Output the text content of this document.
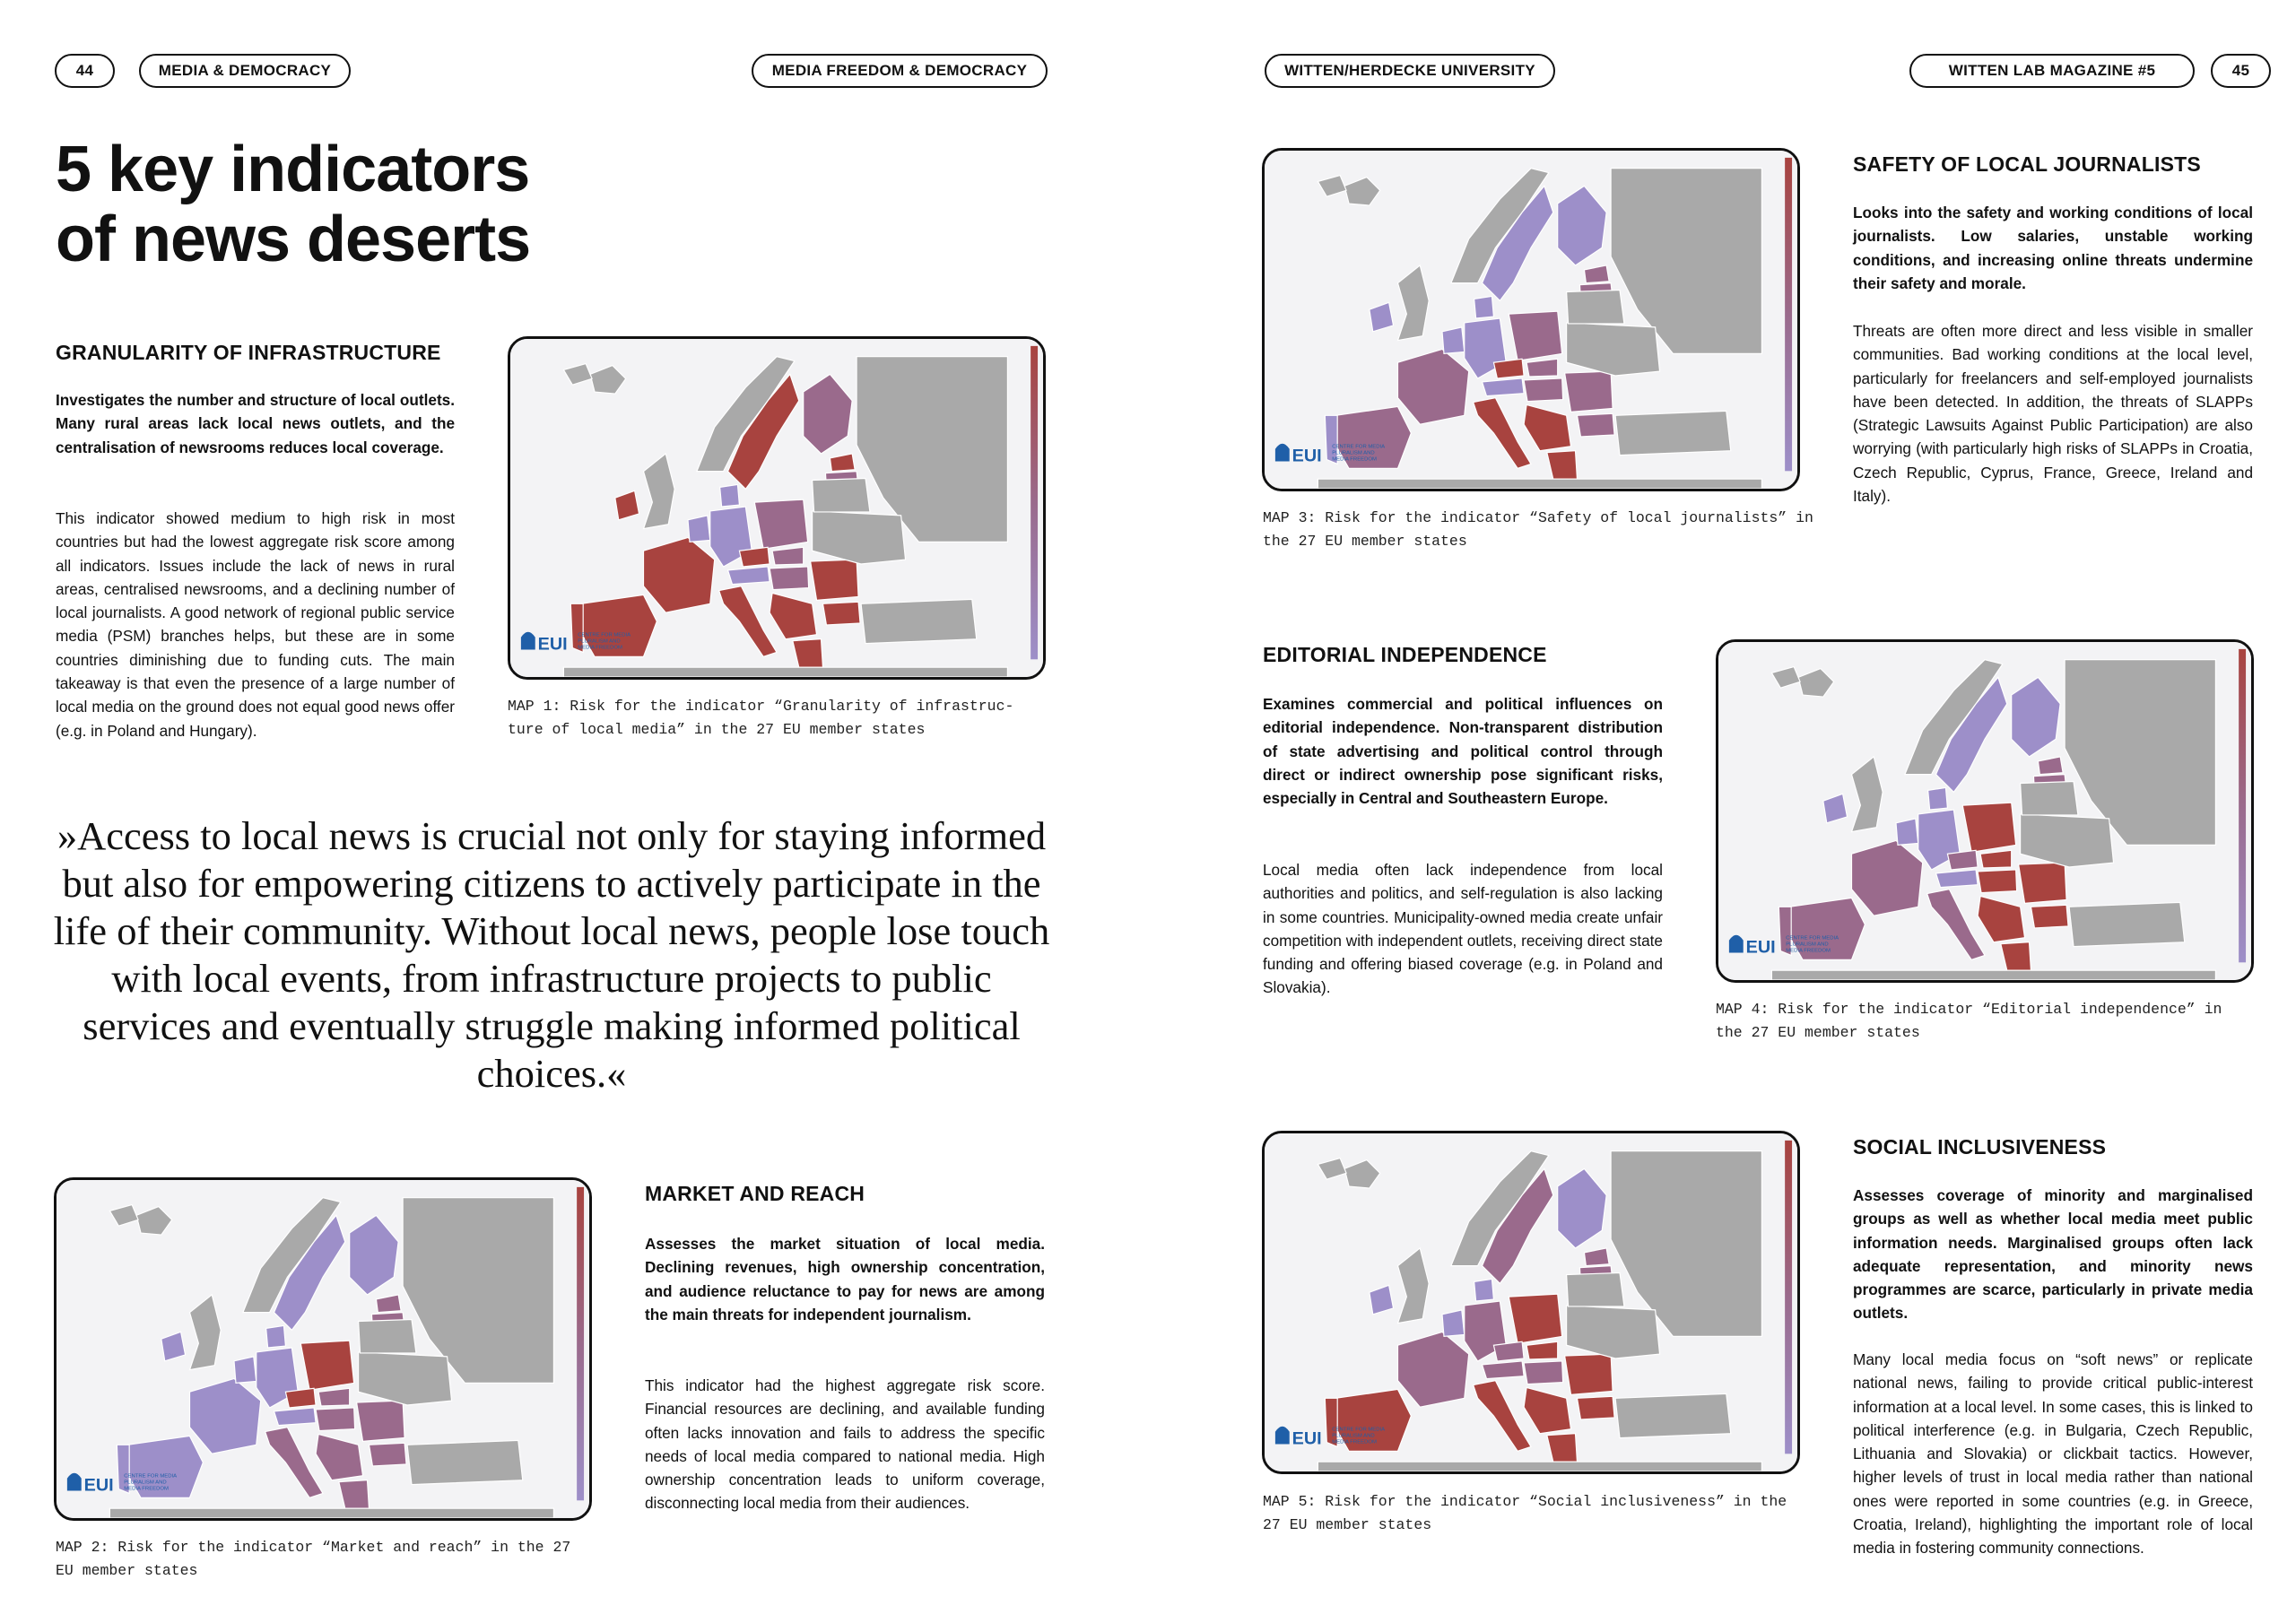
44	MEDIA & DEMOCRACY	MEDIA FREEDOM & DEMOCRACY	WITTEN/HERDECKE UNIVERSITY	WITTEN LAB MAGAZINE #5	45
5 key indicators
of news deserts
GRANULARITY OF INFRASTRUCTURE
Investigates the number and structure of local outlets. Many rural areas lack local news outlets, and the centralisation of newsrooms reduces local coverage.
This indicator showed medium to high risk in most countries but had the lowest aggregate risk score among all indicators. Issues include the lack of news in rural areas, centralised newsrooms, and a declining number of local journalists. A good network of regional public service media (PSM) branches helps, but these are in some countries diminishing due to funding cuts. The main takeaway is that even the presence of a large number of local media on the ground does not equal good news offer (e.g. in Poland and Hungary).
EUI CENTRE FOR MEDIA
PLURALISM AND
MEDIA FREEDOM
MAP 1: Risk for the indicator “Granularity of infrastruc- ture of local media” in the 27 EU member states
»Access to local news is crucial not only for staying informed but also for empowering citizens to actively participate in the life of their community. Without local news, people lose touch with local events, from infrastructure projects to public services and eventually struggle making informed political choices.«
EUI CENTRE FOR MEDIA
PLURALISM AND
MEDIA FREEDOM
MAP 2: Risk for the indicator “Market and reach” in the 27 EU member states
MARKET AND REACH
Assesses the market situation of local media. Declining revenues, high ownership concentration, and audience reluctance to pay for news are among the main threats for independent journalism.
This indicator had the highest aggregate risk score. Financial resources are declining, and available funding often lacks innovation and fails to address the specific needs of local media compared to national media. High ownership concentration leads to uniform coverage, disconnecting local media from their audiences.
EUI CENTRE FOR MEDIA
PLURALISM AND
MEDIA FREEDOM
MAP 3: Risk for the indicator “Safety of local journalists” in the 27 EU member states
SAFETY OF LOCAL JOURNALISTS
Looks into the safety and working conditions of local journalists. Low salaries, unstable working conditions, and increasing online threats undermine their safety and morale.
Threats are often more direct and less visible in smaller communities. Bad working conditions at the local level, particularly for freelancers and self-employed journalists have been detected. In addition, the threats of SLAPPs (Strategic Lawsuits Against Public Participation) are also worrying (with particularly high risks of SLAPPs in Croatia, Czech Republic, Cyprus, France, Greece, Ireland and Italy).
EDITORIAL INDEPENDENCE
Examines commercial and political influences on editorial independence. Non-transparent distribution of state advertising and political control through direct or indirect ownership pose significant risks, especially in Central and Southeastern Europe.
Local media often lack independence from local authorities and politics, and self-regulation is also lacking in some countries. Municipality-owned media create unfair competition with independent outlets, receiving direct state funding and offering biased coverage (e.g. in Poland and Slovakia).
EUI CENTRE FOR MEDIA
PLURALISM AND
MEDIA FREEDOM
MAP 4: Risk for the indicator “Editorial independence” in the 27 EU member states
EUI CENTRE FOR MEDIA
PLURALISM AND
MEDIA FREEDOM
MAP 5: Risk for the indicator “Social inclusiveness” in the 27 EU member states
SOCIAL INCLUSIVENESS
Assesses coverage of minority and marginalised groups as well as whether local media meet public information needs. Marginalised groups often lack adequate representation, and minority news programmes are scarce, particularly in private media outlets.
Many local media focus on “soft news” or replicate national news, failing to provide critical public-interest information at a local level. In some cases, this is linked to political interference (e.g. in Bulgaria, Czech Republic, Lithuania and Slovakia) or clickbait tactics. However, higher levels of trust in local media rather than national ones were reported in some countries (e.g. in Greece, Croatia, Ireland), highlighting the important role of local media in fostering community connections.
